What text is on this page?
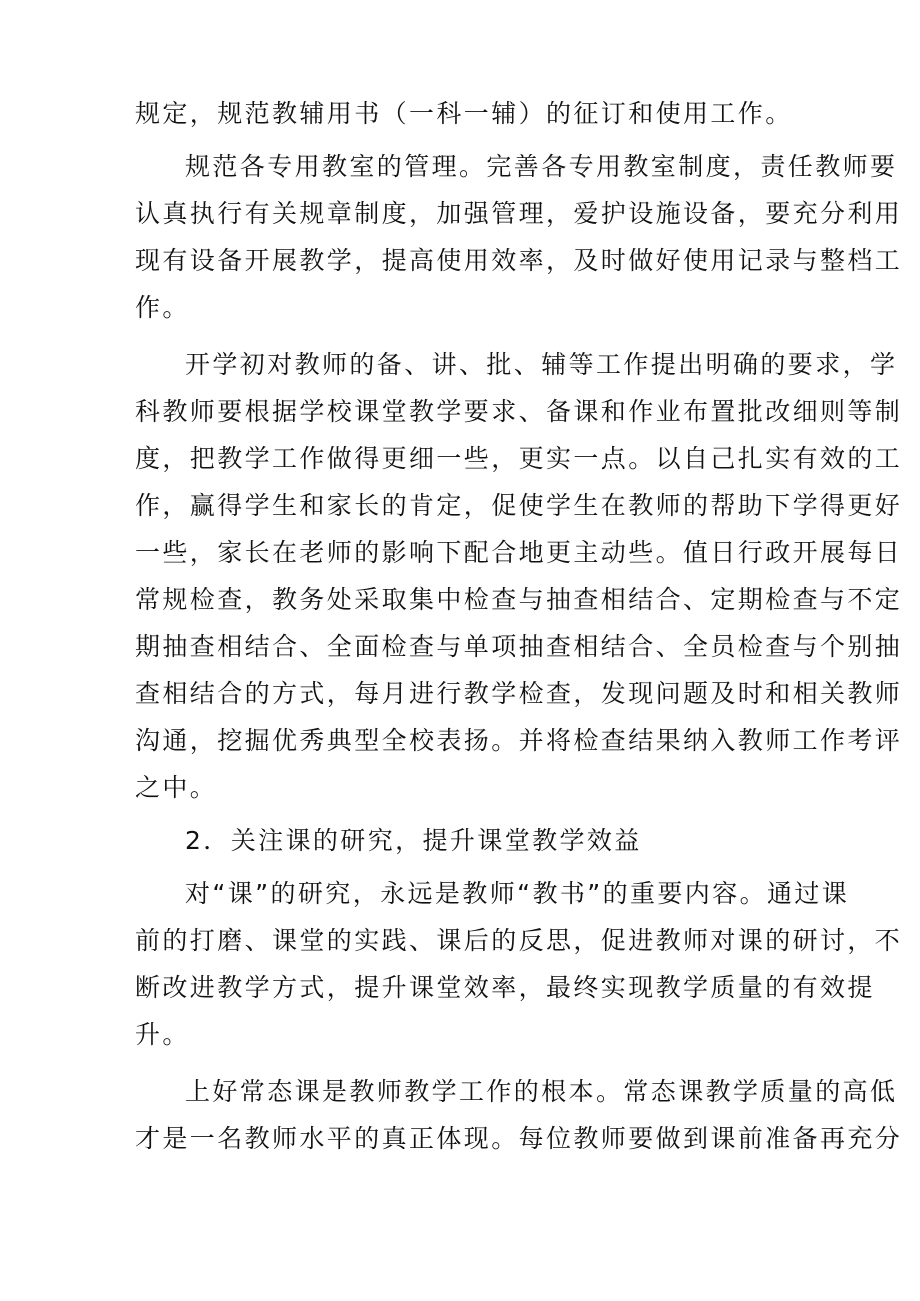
规定，规范教辅用书（一科一辅）的征订和使用工作。
规范各专用教室的管理。完善各专用教室制度，责任教师要
认真执行有关规章制度，加强管理，爱护设施设备，要充分利用
现有设备开展教学，提高使用效率，及时做好使用记录与整档工
作。
开学初对教师的备、讲、批、辅等工作提出明确的要求，学
科教师要根据学校课堂教学要求、备课和作业布置批改细则等制
度，把教学工作做得更细一些，更实一点。以自己扎实有效的工
作，赢得学生和家长的肯定，促使学生在教师的帮助下学得更好
一些，家长在老师的影响下配合地更主动些。值日行政开展每日
常规检查，教务处采取集中检查与抽查相结合、定期检查与不定
期抽查相结合、全面检查与单项抽查相结合、全员检查与个别抽
查相结合的方式，每月进行教学检查，发现问题及时和相关教师
沟通，挖掘优秀典型全校表扬。并将检查结果纳入教师工作考评
之中。
2．关注课的研究，提升课堂教学效益
对“课”的研究，永远是教师“教书”的重要内容。通过课
前的打磨、课堂的实践、课后的反思，促进教师对课的研讨，不
断改进教学方式，提升课堂效率，最终实现教学质量的有效提
升。
上好常态课是教师教学工作的根本。常态课教学质量的高低
才是一名教师水平的真正体现。每位教师要做到课前准备再充分
